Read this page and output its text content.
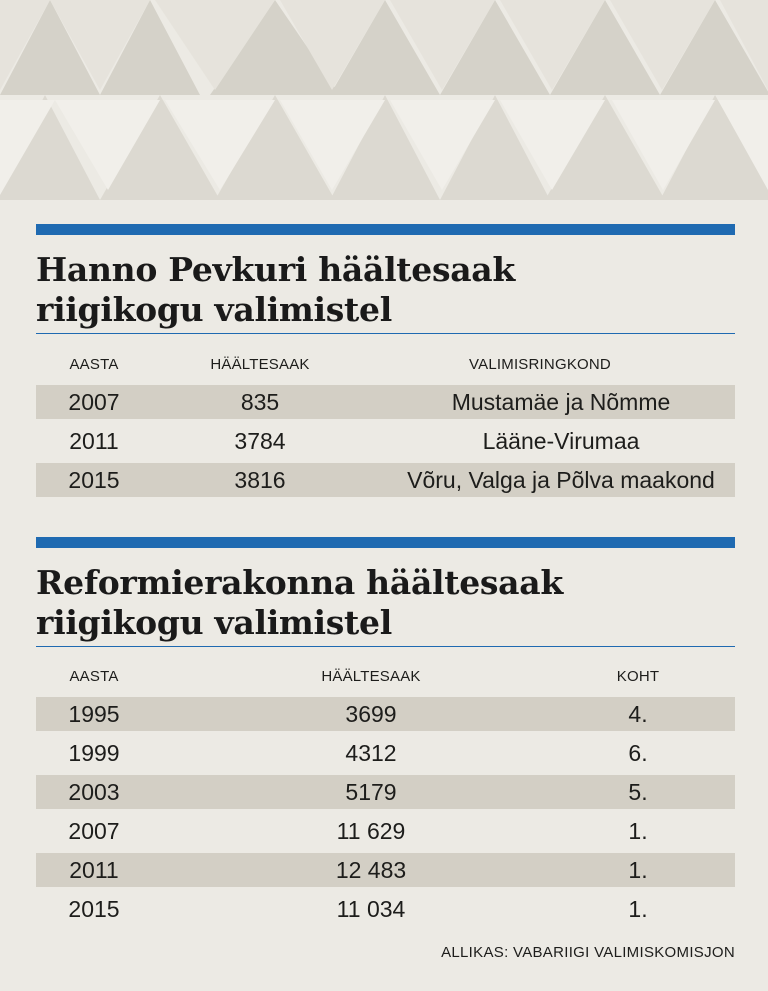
Hanno Pevkuri häältesaak
riigikogu valimistel
AASTA	HÄÄLTESAAK	VALIMISRINGKOND
2007	835	Mustamäe ja Nõmme
2011	3784	Lääne-Virumaa
2015	3816	Võru, Valga ja Põlva maakond
Reformierakonna häältesaak
riigikogu valimistel
AASTA	HÄÄLTESAAK	KOHT
1995	3699	4.
1999	4312	6.
2003	5179	5.
2007	11 629	1.
2011	12 483	1.
2015	11 034	1.
ALLIKAS: VABARIIGI VALIMISKOMISJON
